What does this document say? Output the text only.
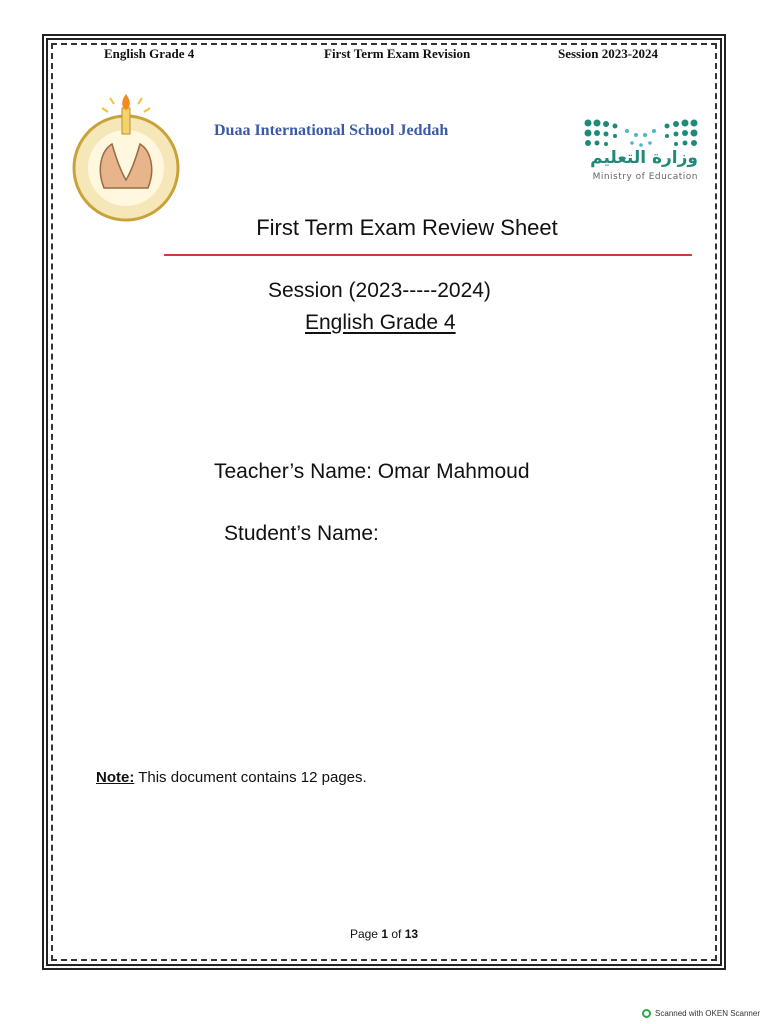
English Grade 4	First Term Exam Revision	Session 2023-2024
Duaa International School Jeddah
وزارة التعليم
Ministry of Education
First Term Exam Review Sheet
Session (2023-----2024)
English Grade 4
Teacher’s Name: Omar Mahmoud
Student’s Name:
Note: This document contains 12 pages.
Page 1 of 13
Scanned with OKEN Scanner
